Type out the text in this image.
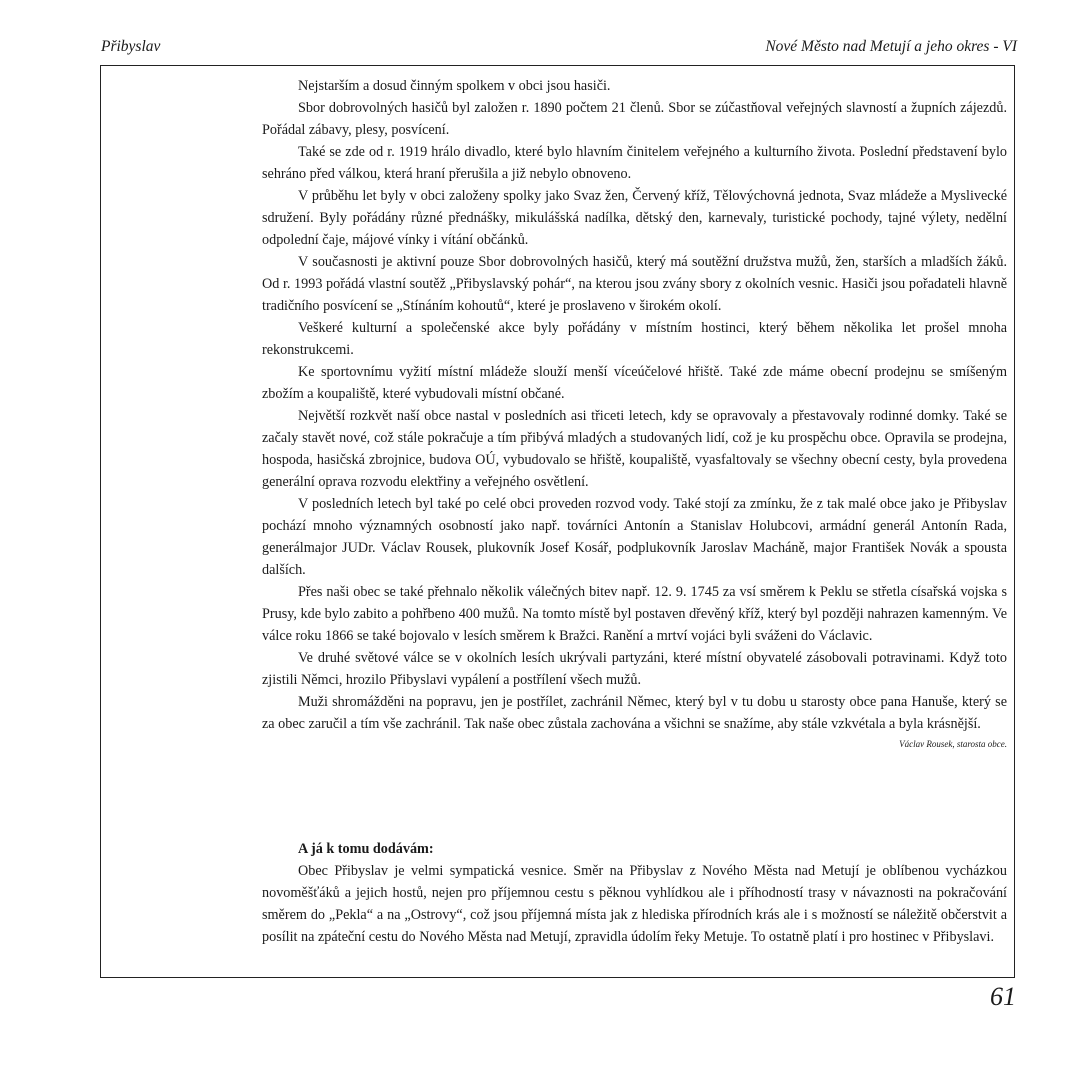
Přibyslav	Nové Město nad Metují a jeho okres - VI

Nejstarším a dosud činným spolkem v obci jsou hasiči.

Sbor dobrovolných hasičů byl založen r. 1890 počtem 21 členů. Sbor se zúčastňoval veřejných slavností a župních zájezdů. Pořádal zábavy, plesy, posvícení.

Také se zde od r. 1919 hrálo divadlo, které bylo hlavním činitelem veřejného a kulturního života. Poslední představení bylo sehráno před válkou, která hraní přerušila a již nebylo obnoveno.

V průběhu let byly v obci založeny spolky jako Svaz žen, Červený kříž, Tělovýchovná jednota, Svaz mládeže a Myslivecké sdružení. Byly pořádány různé přednášky, mikulášská nadílka, dětský den, karnevaly, turistické pochody, tajné výlety, nedělní odpolední čaje, májové vínky i vítání občánků.

V současnosti je aktivní pouze Sbor dobrovolných hasičů, který má soutěžní družstva mužů, žen, starších a mladších žáků. Od r. 1993 pořádá vlastní soutěž „Přibyslavský pohár“, na kterou jsou zvány sbory z okolních vesnic. Hasiči jsou pořadateli hlavně tradičního posvícení se „Stínáním kohoutů“, které je proslaveno v širokém okolí.

Veškeré kulturní a společenské akce byly pořádány v místním hostinci, který během několika let prošel mnoha rekonstrukcemi.

Ke sportovnímu vyžití místní mládeže slouží menší víceúčelové hřiště. Také zde máme obecní prodejnu se smíšeným zbožím a koupaliště, které vybudovali místní občané.

Největší rozkvět naší obce nastal v posledních asi třiceti letech, kdy se opravovaly a přestavovaly rodinné domky. Také se začaly stavět nové, což stále pokračuje a tím přibývá mladých a studovaných lidí, což je ku prospěchu obce. Opravila se prodejna, hospoda, hasičská zbrojnice, budova OÚ, vybudovalo se hřiště, koupaliště, vyasfaltovaly se všechny obecní cesty, byla provedena generální oprava rozvodu elektřiny a veřejného osvětlení.

V posledních letech byl také po celé obci proveden rozvod vody. Také stojí za zmínku, že z tak malé obce jako je Přibyslav pochází mnoho významných osobností jako např. továrníci Antonín a Stanislav Holubcovi, armádní generál Antonín Rada, generálmajor JUDr. Václav Rousek, plukovník Josef Kosář, podplukovník Jaroslav Macháně, major František Novák a spousta dalších.

Přes naši obec se také přehnalo několik válečných bitev např. 12. 9. 1745 za vsí směrem k Peklu se střetla císařská vojska s Prusy, kde bylo zabito a pohřbeno 400 mužů. Na tomto místě byl postaven dřevěný kříž, který byl později nahrazen kamenným. Ve válce roku 1866 se také bojovalo v lesích směrem k Bražci. Ranění a mrtví vojáci byli sváženi do Václavic.

Ve druhé světové válce se v okolních lesích ukrývali partyzáni, které místní obyvatelé zásobovali potravinami. Když toto zjistili Němci, hrozilo Přibyslavi vypálení a postřílení všech mužů.

Muži shromážděni na popravu, jen je postřílet, zachránil Němec, který byl v tu dobu u starosty obce pana Hanuše, který se za obec zaručil a tím vše zachránil. Tak naše obec zůstala zachována a všichni se snažíme, aby stále vzkvétala a byla krásnější.

Václav Rousek, starosta obce.
A já k tomu dodávám:

Obec Přibyslav je velmi sympatická vesnice. Směr na Přibyslav z Nového Města nad Metují je oblíbenou vycházkou novoměšťáků a jejich hostů, nejen pro příjemnou cestu s pěknou vyhlídkou ale i příhodností trasy v návaznosti na pokračování směrem do „Pekla“ a na „Ostrovy“, což jsou příjemná místa jak z hlediska přírodních krás ale i s možností se náležitě občerstvit a posílit na zpáteční cestu do Nového Města nad Metují, zpravidla údolím řeky Metuje. To ostatně platí i pro hostinec v Přibyslavi.

61
